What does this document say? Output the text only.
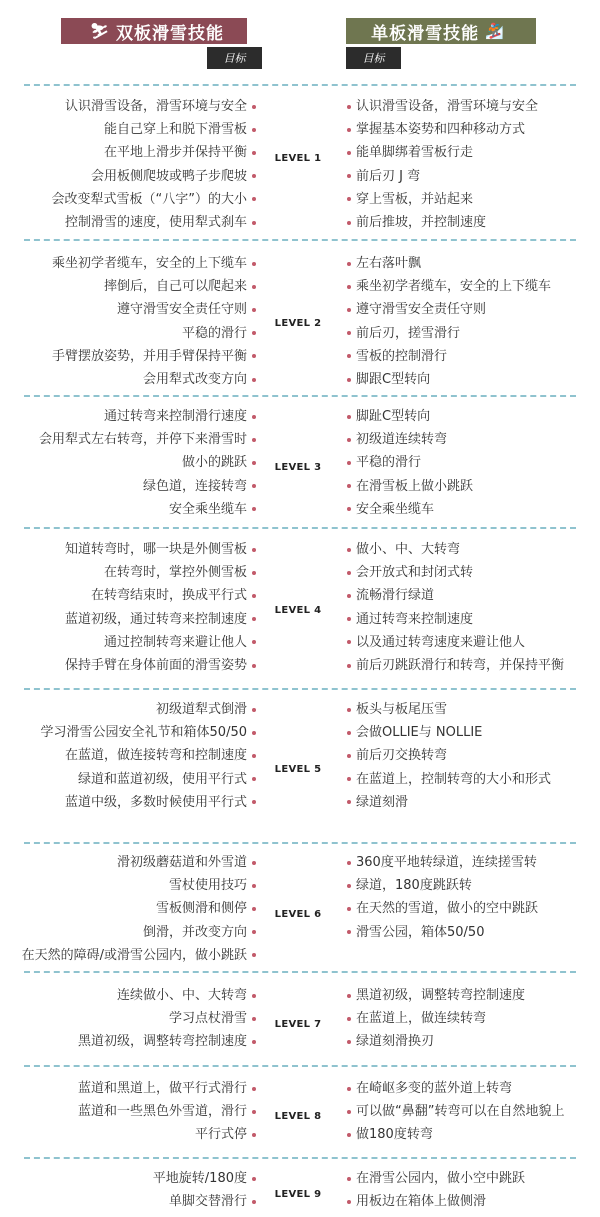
⛷ 双板滑雪技能
目标
单板滑雪技能 🏂
目标
认识滑雪设备，滑雪环境与安全
能自己穿上和脱下滑雪板
在平地上滑步并保持平衡
会用板侧爬坡或鸭子步爬坡
会改变犁式雪板（“八字”）的大小
控制滑雪的速度，使用犁式刹车
认识滑雪设备，滑雪环境与安全
掌握基本姿势和四种移动方式
能单脚绑着雪板行走
前后刃 J 弯
穿上雪板，并站起来
前后推坡，并控制速度
LEVEL 1
乘坐初学者缆车，安全的上下缆车
摔倒后，自己可以爬起来
遵守滑雪安全责任守则
平稳的滑行
手臂摆放姿势，并用手臂保持平衡
会用犁式改变方向
左右落叶飘
乘坐初学者缆车，安全的上下缆车
遵守滑雪安全责任守则
前后刃，搓雪滑行
雪板的控制滑行
脚跟C型转向
LEVEL 2
通过转弯来控制滑行速度
会用犁式左右转弯，并停下来滑雪时
做小的跳跃
绿色道，连接转弯
安全乘坐缆车
脚趾C型转向
初级道连续转弯
平稳的滑行
在滑雪板上做小跳跃
安全乘坐缆车
LEVEL 3
知道转弯时，哪一块是外侧雪板
在转弯时，掌控外侧雪板
在转弯结束时，换成平行式
蓝道初级，通过转弯来控制速度
通过控制转弯来避让他人
保持手臂在身体前面的滑雪姿势
做小、中、大转弯
会开放式和封闭式转
流畅滑行绿道
通过转弯来控制速度
以及通过转弯速度来避让他人
前后刃跳跃滑行和转弯，并保持平衡
LEVEL 4
初级道犁式倒滑
学习滑雪公园安全礼节和箱体50/50
在蓝道，做连接转弯和控制速度
绿道和蓝道初级，使用平行式
蓝道中级，多数时候使用平行式
板头与板尾压雪
会做OLLIE与 NOLLIE
前后刃交换转弯
在蓝道上，控制转弯的大小和形式
绿道刻滑
LEVEL 5
滑初级蘑菇道和外雪道
雪杖使用技巧
雪板侧滑和侧停
倒滑，并改变方向
在天然的障碍/或滑雪公园内，做小跳跃
360度平地转绿道，连续搓雪转
绿道，180度跳跃转
在天然的雪道，做小的空中跳跃
滑雪公园，箱体50/50
LEVEL 6
连续做小、中、大转弯
学习点杖滑雪
黑道初级，调整转弯控制速度
黑道初级，调整转弯控制速度
在蓝道上，做连续转弯
绿道刻滑换刃
LEVEL 7
蓝道和黑道上，做平行式滑行
蓝道和一些黑色外雪道，滑行
平行式停
在崎岖多变的蓝外道上转弯
可以做“鼻翻”转弯可以在自然地貌上
做180度转弯
LEVEL 8
平地旋转/180度
单脚交替滑行
在滑雪公园内，做小空中跳跃
用板边在箱体上做侧滑
LEVEL 9
